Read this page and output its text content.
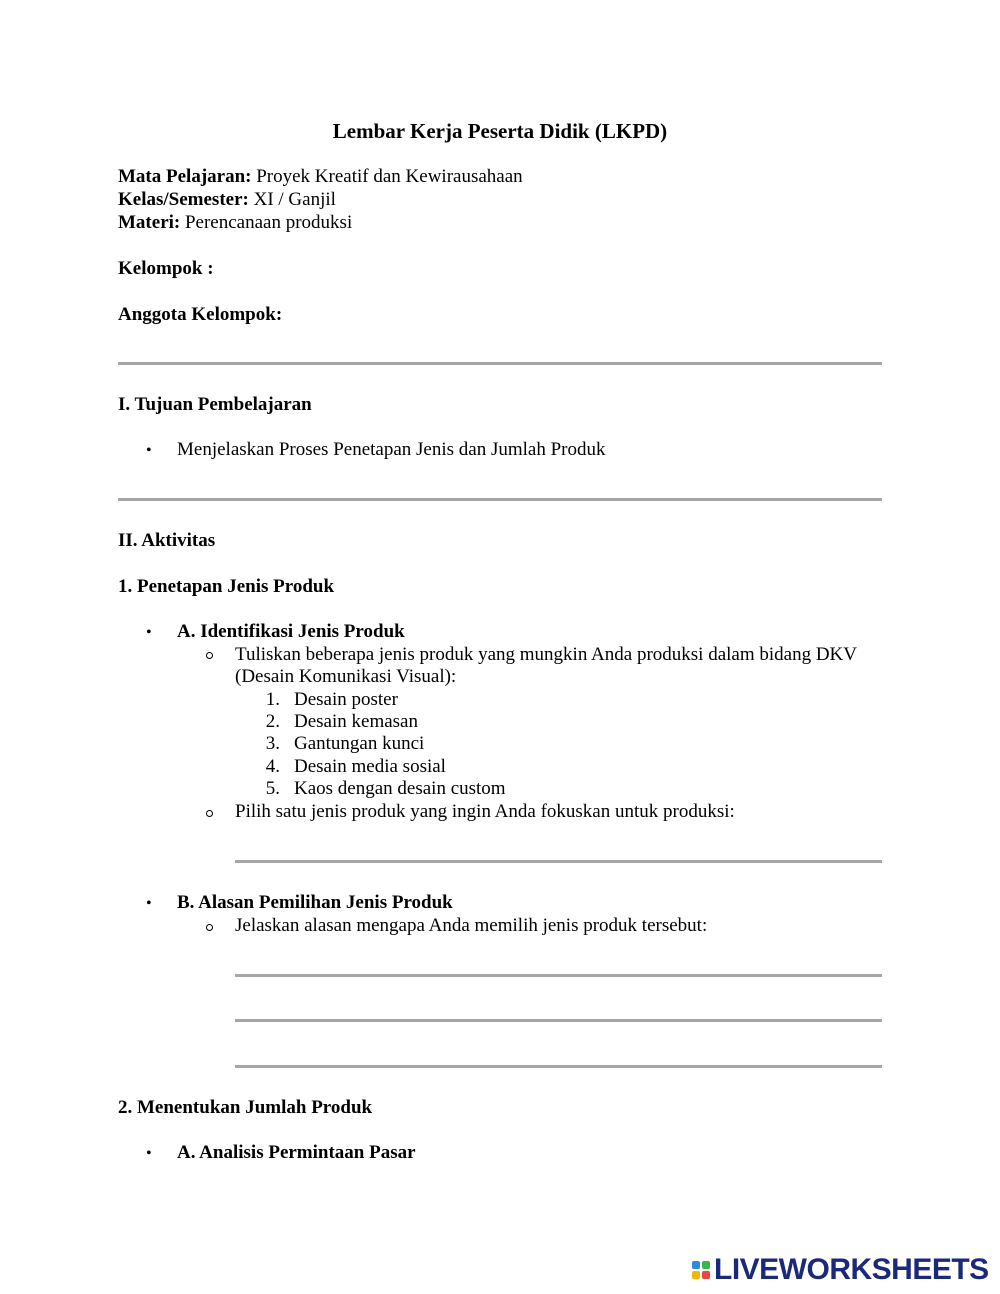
Lembar Kerja Peserta Didik (LKPD)
Mata Pelajaran: Proyek Kreatif dan Kewirausahaan
Kelas/Semester: XI / Ganjil
Materi: Perencanaan produksi
Kelompok :
Anggota Kelompok:
I. Tujuan Pembelajaran
• Menjelaskan Proses Penetapan Jenis dan Jumlah Produk
II. Aktivitas
1. Penetapan Jenis Produk
• A. Identifikasi Jenis Produk
Tuliskan beberapa jenis produk yang mungkin Anda produksi dalam bidang DKV
(Desain Komunikasi Visual):
1. Desain poster
2. Desain kemasan
3. Gantungan kunci
4. Desain media sosial
5. Kaos dengan desain custom
Pilih satu jenis produk yang ingin Anda fokuskan untuk produksi:
• B. Alasan Pemilihan Jenis Produk
Jelaskan alasan mengapa Anda memilih jenis produk tersebut:
2. Menentukan Jumlah Produk
• A. Analisis Permintaan Pasar
LIVEWORKSHEETS
